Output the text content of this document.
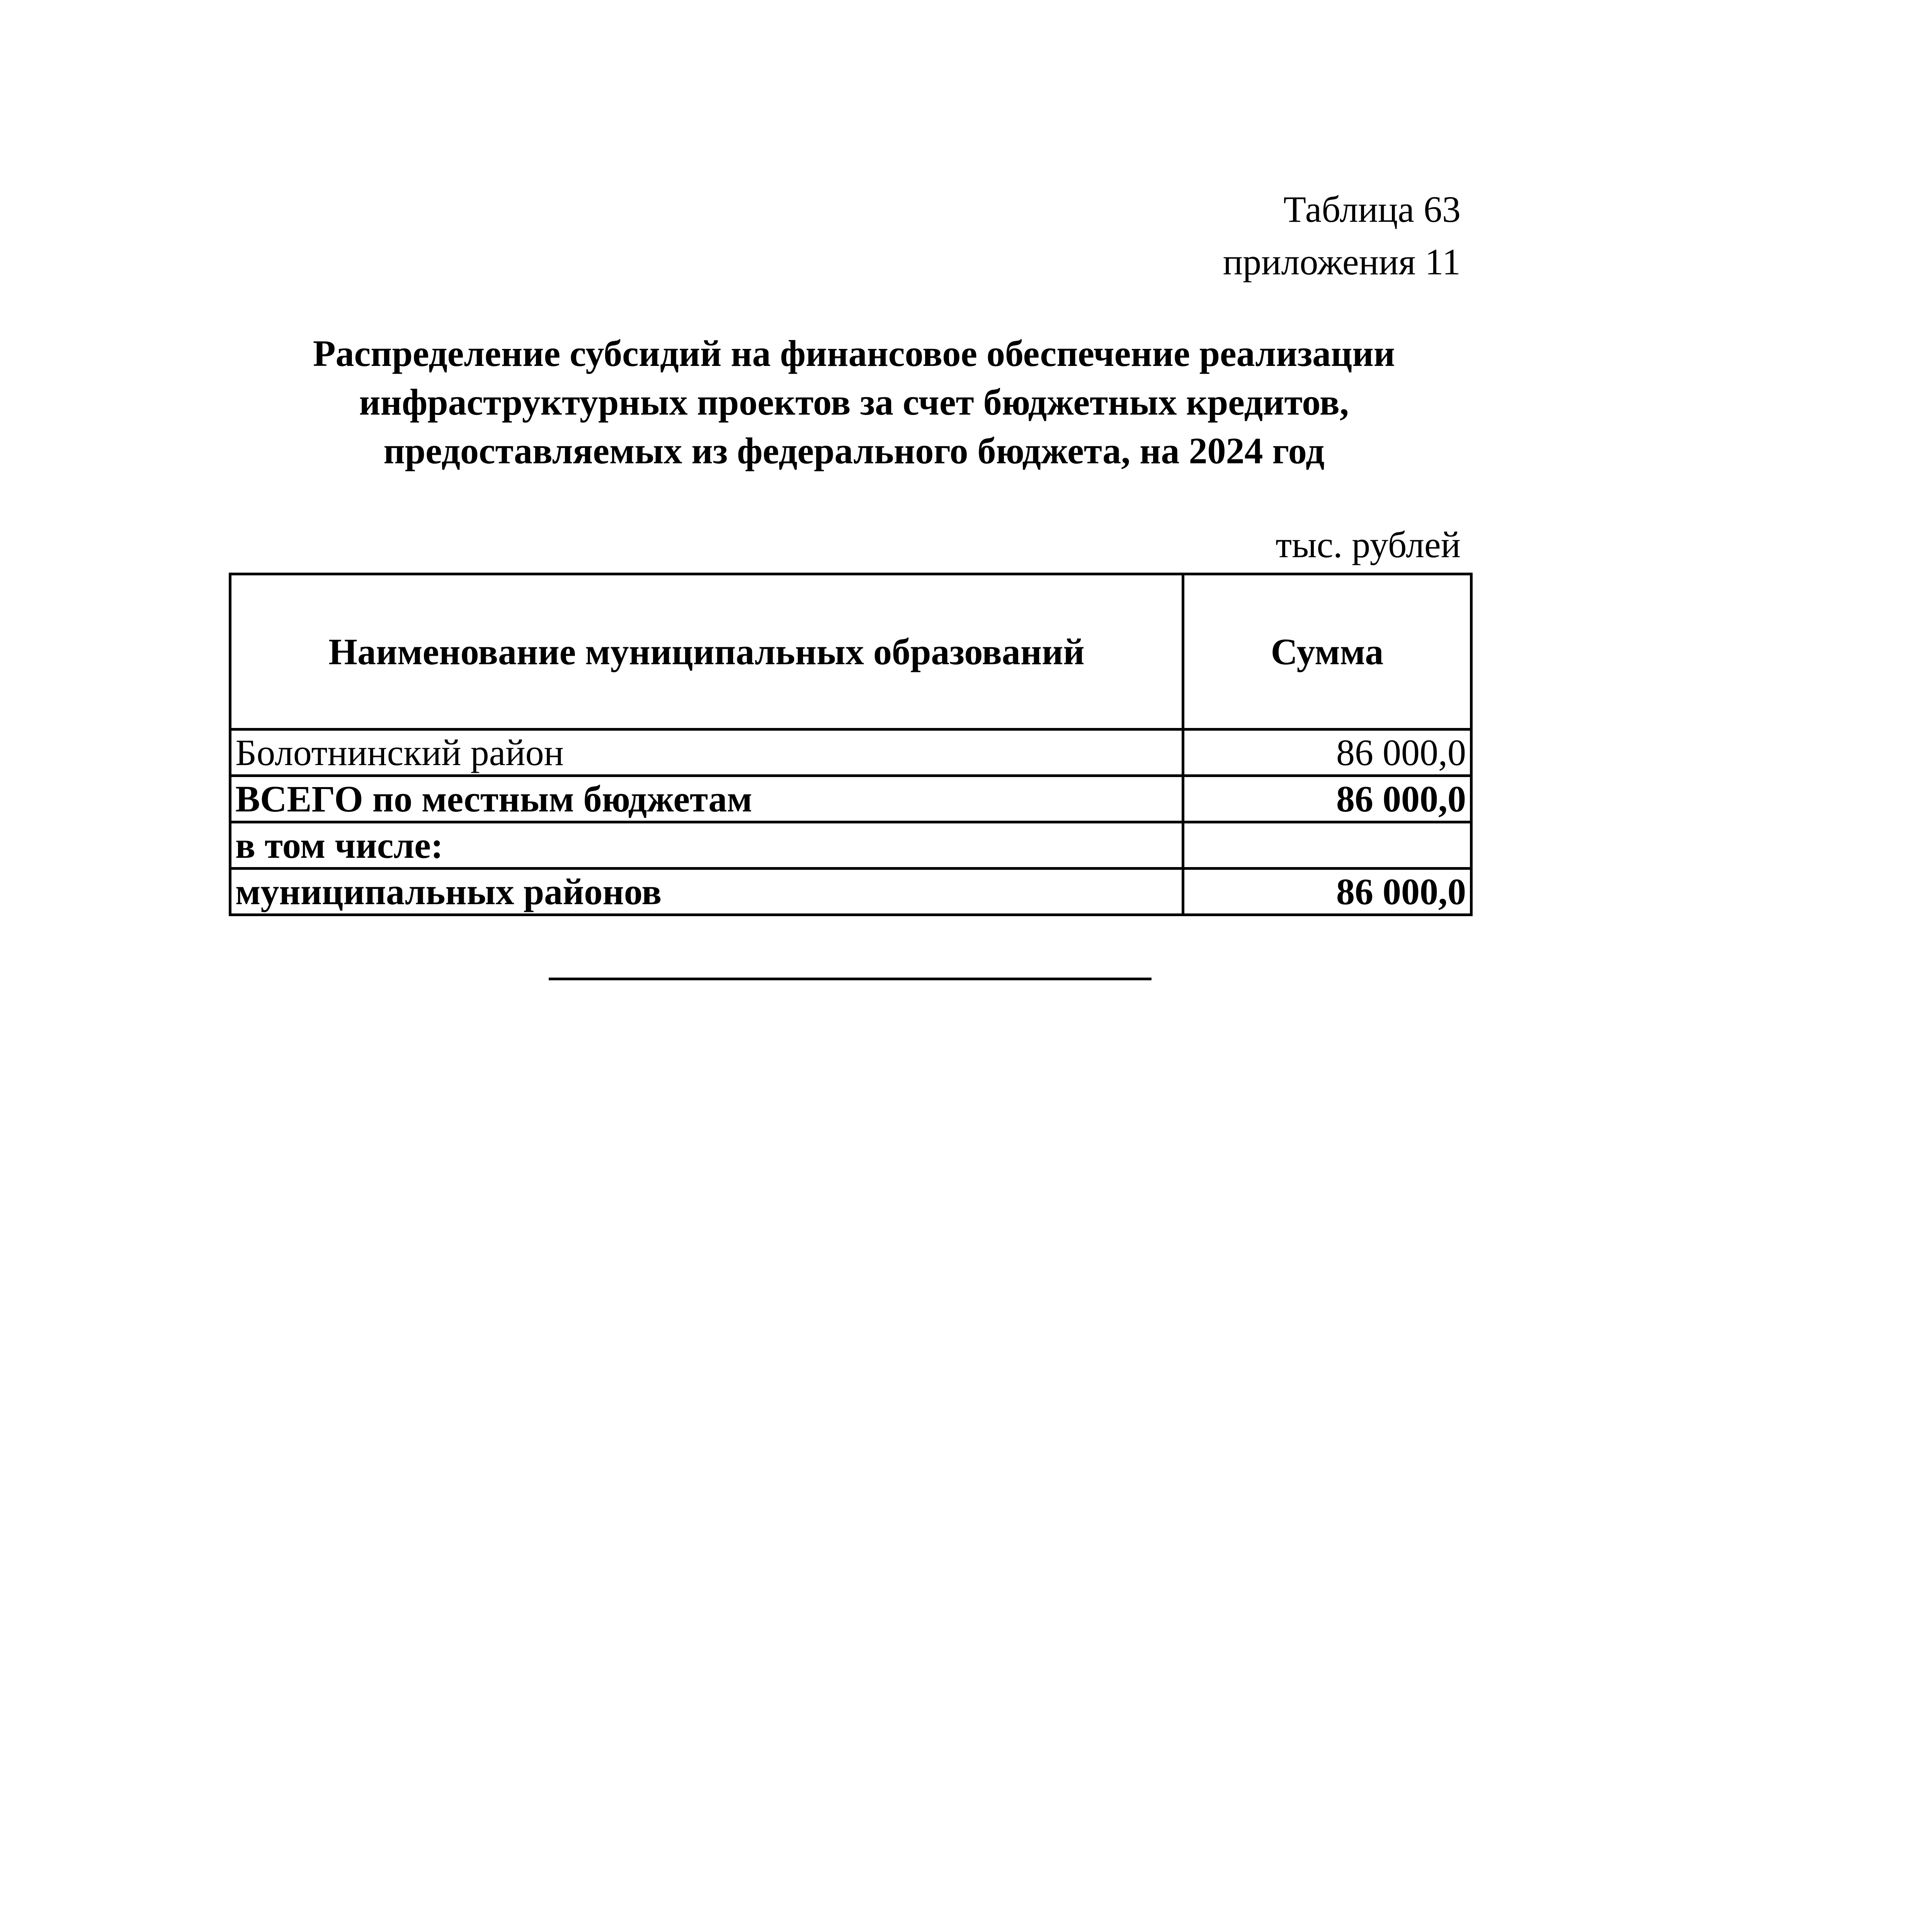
Таблица 63
приложения 11
Распределение субсидий на финансовое обеспечение реализации
инфраструктурных проектов за счет бюджетных кредитов,
предоставляемых из федерального бюджета, на 2024 год
тыс. рублей
Наименование муниципальных образований	Сумма
Болотнинский район	86 000,0
ВСЕГО по местным бюджетам	86 000,0
в том числе:	
муниципальных районов	86 000,0
